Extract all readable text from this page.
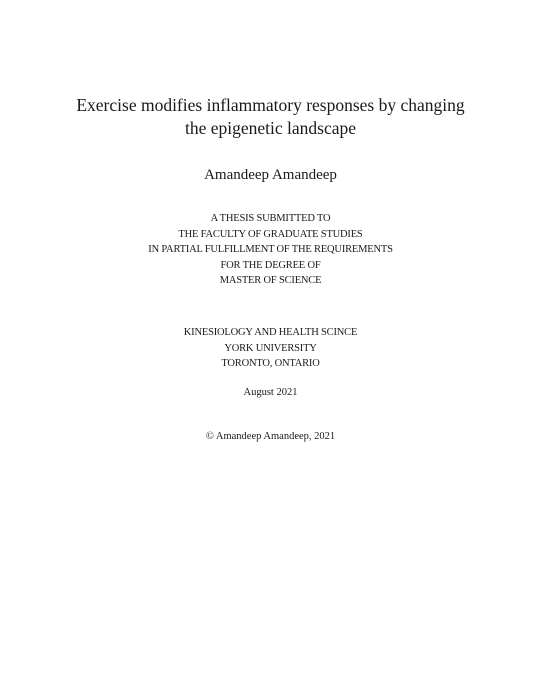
Exercise modifies inflammatory responses by changing
the epigenetic landscape
Amandeep Amandeep
A THESIS SUBMITTED TO
THE FACULTY OF GRADUATE STUDIES
IN PARTIAL FULFILLMENT OF THE REQUIREMENTS
FOR THE DEGREE OF
MASTER OF SCIENCE
KINESIOLOGY AND HEALTH SCINCE
YORK UNIVERSITY
TORONTO, ONTARIO
August 2021
© Amandeep Amandeep, 2021
